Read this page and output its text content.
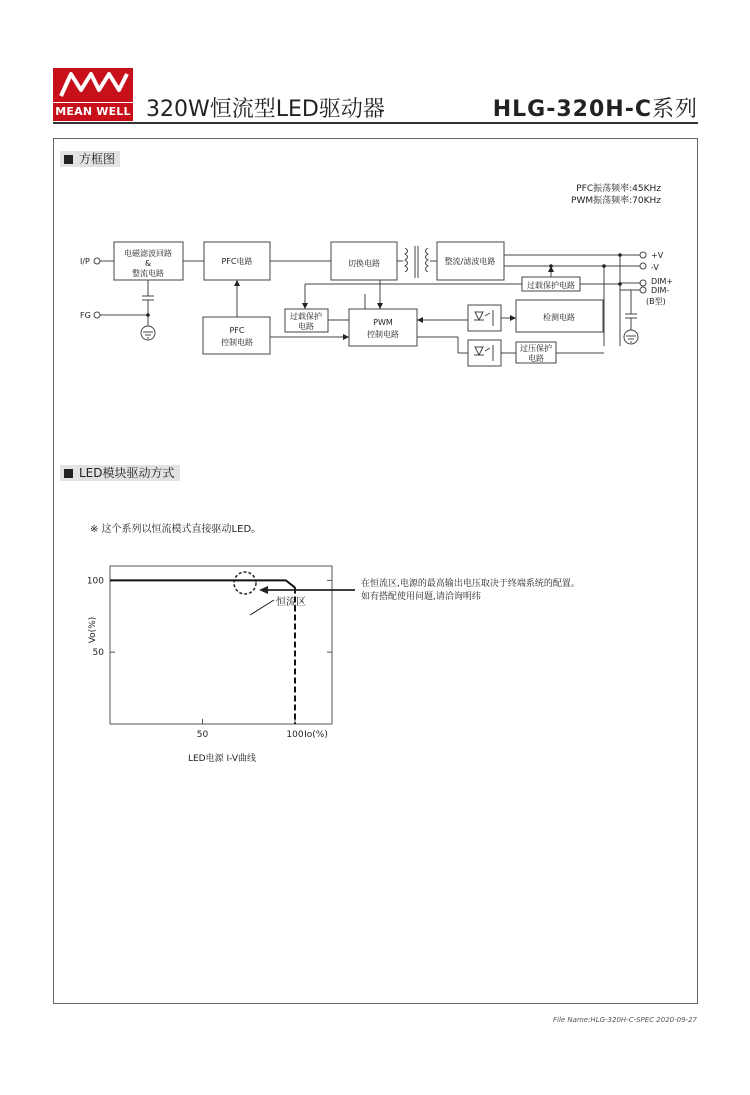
MEAN WELL 320W恒流型LED驱动器	HLG-320H-C系列
方框图
PFC振荡频率:45KHz
PWM振荡频率:70KHz
I/P
FG
电磁滤波回路
&
整流电路
PFC电路	切换电路	整流/滤波电路
PFC
控制电路
过载保护
电路	PWM
控制电路
过载保护电路
检测电路
过压保护
电路
+V
-V
DIM+
DIM-
(B型)
LED模块驱动方式
※ 这个系列以恒流模式直接驱动LED。
50	100
50
100
恒流区
在恒流区,电源的最高输出电压取决于终端系统的配置。
如有搭配使用问题,请洽询明纬
Vo(%)
Io(%)
LED电源 I-V曲线
File Name:HLG-320H-C-SPEC 2020-09-27
